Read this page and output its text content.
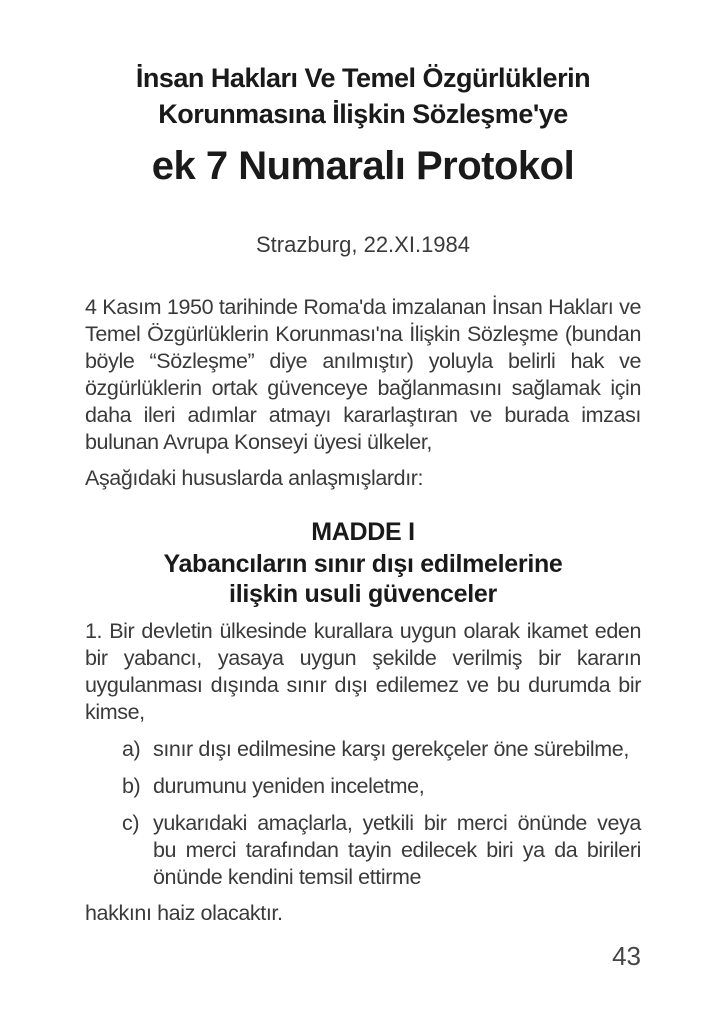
İnsan Hakları Ve Temel Özgürlüklerin
Korunmasına İlişkin Sözleşme'ye
ek 7 Numaralı Protokol
Strazburg, 22.XI.1984

4 Kasım 1950 tarihinde Roma'da imzalanan İnsan Hakları ve Temel Özgürlüklerin Korunması'na İlişkin Sözleşme (bundan böyle “Sözleşme” diye anılmıştır) yoluyla belirli hak ve özgürlüklerin ortak güvenceye bağlanmasını sağlamak için daha ileri adımlar atmayı kararlaştıran ve burada imzası bulunan Avrupa Konseyi üyesi ülkeler,

Aşağıdaki hususlarda anlaşmışlardır:

MADDE I
Yabancıların sınır dışı edilmelerine
ilişkin usuli güvenceler

1. Bir devletin ülkesinde kurallara uygun olarak ikamet eden bir yabancı, yasaya uygun şekilde verilmiş bir kararın uygulanması dışında sınır dışı edilemez ve bu durumda bir kimse,

a) sınır dışı edilmesine karşı gerekçeler öne sürebilme,
b) durumunu yeniden inceletme,
c) yukarıdaki amaçlarla, yetkili bir merci önünde veya bu merci tarafından tayin edilecek biri ya da birileri önünde kendini temsil ettirme
hakkını haiz olacaktır.
43
